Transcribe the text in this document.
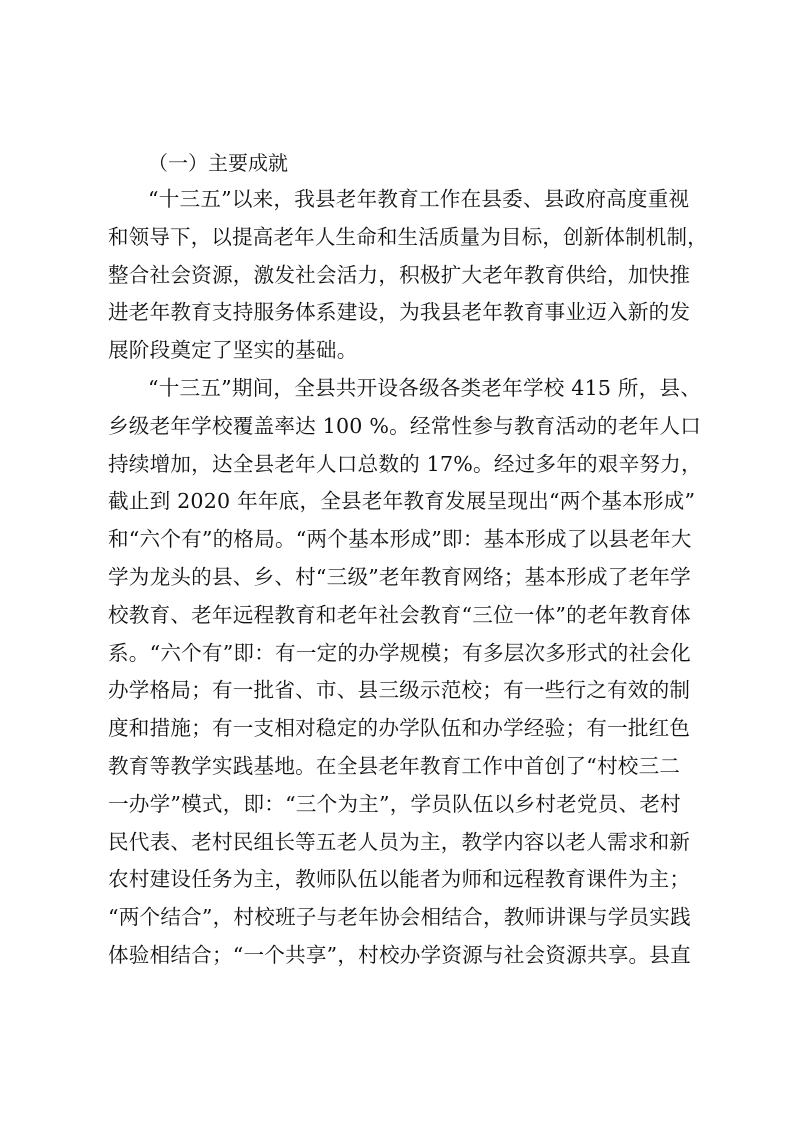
（一）主要成就
“十三五”以来，我县老年教育工作在县委、县政府高度重视
和领导下，以提高老年人生命和生活质量为目标，创新体制机制，
整合社会资源，激发社会活力，积极扩大老年教育供给，加快推
进老年教育支持服务体系建设，为我县老年教育事业迈入新的发
展阶段奠定了坚实的基础。
“十三五”期间，全县共开设各级各类老年学校 415 所，县、
乡级老年学校覆盖率达 100 %。经常性参与教育活动的老年人口
持续增加，达全县老年人口总数的 17%。经过多年的艰辛努力，
截止到 2020 年年底，全县老年教育发展呈现出“两个基本形成”
和“六个有”的格局。“两个基本形成”即：基本形成了以县老年大
学为龙头的县、乡、村“三级”老年教育网络；基本形成了老年学
校教育、老年远程教育和老年社会教育“三位一体”的老年教育体
系。“六个有”即：有一定的办学规模；有多层次多形式的社会化
办学格局；有一批省、市、县三级示范校；有一些行之有效的制
度和措施；有一支相对稳定的办学队伍和办学经验；有一批红色
教育等教学实践基地。在全县老年教育工作中首创了“村校三二
一办学”模式，即：“三个为主”，学员队伍以乡村老党员、老村
民代表、老村民组长等五老人员为主，教学内容以老人需求和新
农村建设任务为主，教师队伍以能者为师和远程教育课件为主；
“两个结合”，村校班子与老年协会相结合，教师讲课与学员实践
体验相结合；“一个共享”，村校办学资源与社会资源共享。县直
